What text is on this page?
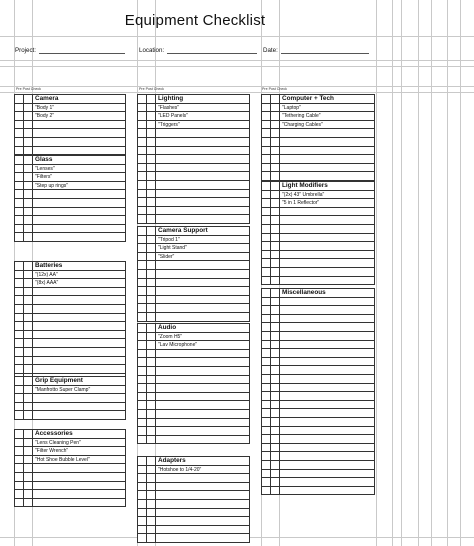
Equipment Checklist
Project:	Location:	Date:
Pre Post Check	Pre Post Check	Pre Post Check
Camera
"Body 1"
"Body 2"
Glass
"Lenses"
"Filters"
"Step up rings"
Batteries
"(12x) AA"
"(8x) AAA"
Grip Equipment
"Manfrotto Super Clamp"
Accessories
"Lens Cleaning Pen"
"Filter Wrench"
"Hot Shoe Bubble Level"
Lighting
"Flashes"
"LED Panels"
"Triggers"
Camera Support
"Tripod 1"
"Light Stand"
"Slider"
Audio
"Zoom H5"
"Lav Microphone"
Adapters
"Hotshoe to 1/4-20"
Computer + Tech
"Laptop"
"Tethering Cable"
"Charging Cables"
Light Modifiers
"(2x) 43" Umbrella"
"5 in 1 Reflector"
Miscellaneous
